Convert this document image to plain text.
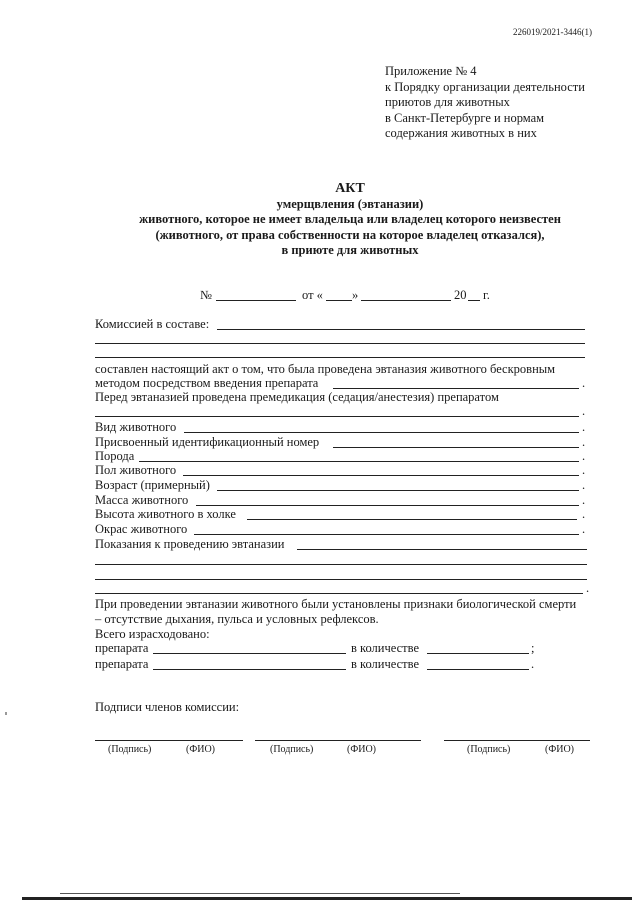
226019/2021-3446(1)
Приложение № 4
к Порядку организации деятельности
приютов для животных
в Санкт-Петербурге и нормам
содержания животных в них
АКТ
умерщвления (эвтаназии)
животного, которое не имеет владельца или владелец которого неизвестен
(животного, от права собственности на которое владелец отказался),
в приюте для животных
№	от « »	20 г.
Комиссией в составе:
составлен настоящий акт о том, что была проведена эвтаназия животного бескровным
методом посредством введения препарата	.
Перед эвтаназией проведена премедикация (седация/анестезия) препаратом
.
Вид животного	.
Присвоенный идентификационный номер	.
Порода	.
Пол животного	.
Возраст (примерный)	.
Масса животного	.
Высота животного в холке	.
Окрас животного	.
Показания к проведению эвтаназии
.
При проведении эвтаназии животного были установлены признаки биологической смерти
– отсутствие дыхания, пульса и условных рефлексов.
Всего израсходовано:
препарата	в количестве	;
препарата	в количестве	.
Подписи членов комиссии:
(Подпись)	(ФИО)	(Подпись)	(ФИО)	(Подпись)	(ФИО)
